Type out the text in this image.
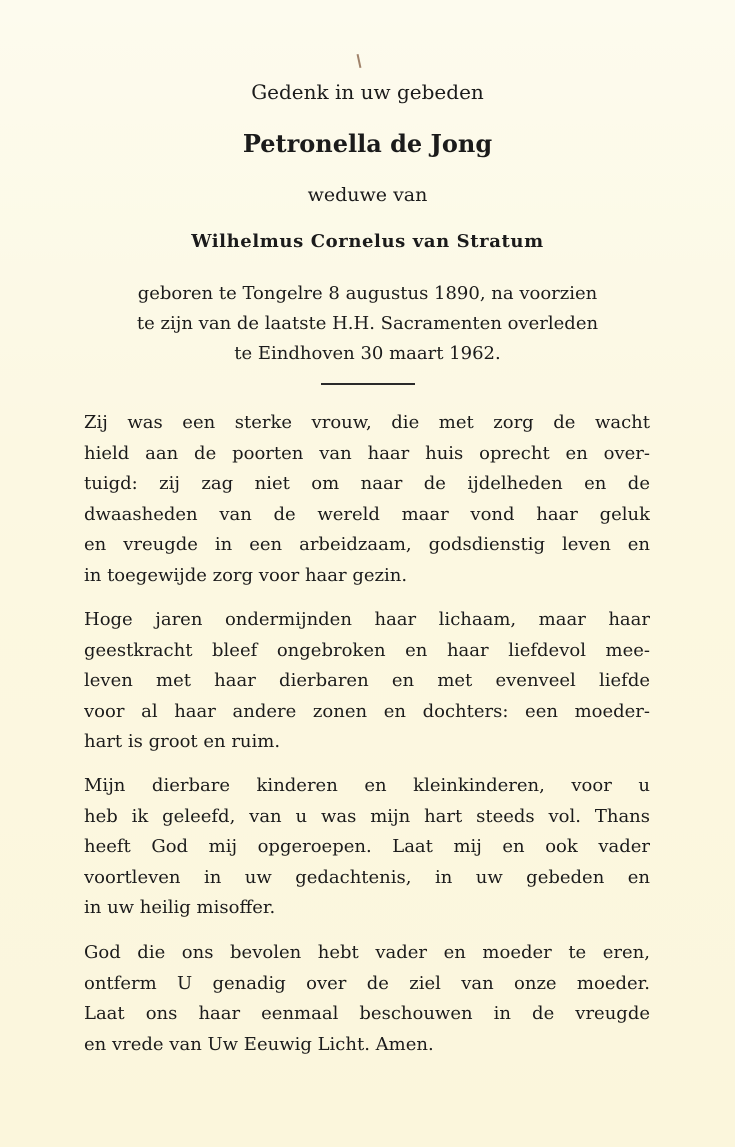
Gedenk in uw gebeden
Petronella de Jong
weduwe van
Wilhelmus Cornelus van Stratum
geboren te Tongelre 8 augustus 1890, na voorzien
te zijn van de laatste H.H. Sacramenten overleden
te Eindhoven 30 maart 1962.
Zij was een sterke vrouw, die met zorg de wacht
hield aan de poorten van haar huis oprecht en over-
tuigd: zij zag niet om naar de ijdelheden en de
dwaasheden van de wereld maar vond haar geluk
en vreugde in een arbeidzaam, godsdienstig leven en
in toegewijde zorg voor haar gezin.
Hoge jaren ondermijnden haar lichaam, maar haar
geestkracht bleef ongebroken en haar liefdevol mee-
leven met haar dierbaren en met evenveel liefde
voor al haar andere zonen en dochters: een moeder-
hart is groot en ruim.
Mijn dierbare kinderen en kleinkinderen, voor u
heb ik geleefd, van u was mijn hart steeds vol. Thans
heeft God mij opgeroepen. Laat mij en ook vader
voortleven in uw gedachtenis, in uw gebeden en
in uw heilig misoffer.
God die ons bevolen hebt vader en moeder te eren,
ontferm U genadig over de ziel van onze moeder.
Laat ons haar eenmaal beschouwen in de vreugde
en vrede van Uw Eeuwig Licht. Amen.
